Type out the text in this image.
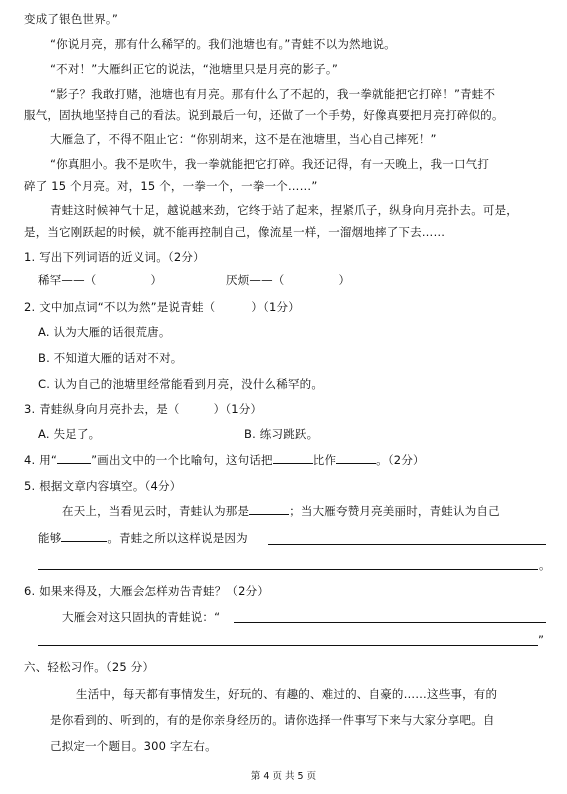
变成了银色世界。”
“你说月亮，那有什么稀罕的。我们池塘也有。”青蛙不以为然地说。
“不对！”大雁纠正它的说法，“池塘里只是月亮的影子。”
“影子？我敢打赌，池塘也有月亮。那有什么了不起的，我一拳就能把它打碎！”青蛙不
服气，固执地坚持自己的看法。说到最后一句，还做了一个手势，好像真要把月亮打碎似的。
大雁急了，不得不阻止它：“你别胡来，这不是在池塘里，当心自己摔死！”
“你真胆小。我不是吹牛，我一拳就能把它打碎。我还记得，有一天晚上，我一口气打
碎了 15 个月亮。对，15 个，一拳一个，一拳一个……”
青蛙这时候神气十足，越说越来劲，它终于站了起来，捏紧爪子，纵身向月亮扑去。可是，
是，当它刚跃起的时候，就不能再控制自己，像流星一样，一溜烟地摔了下去……
1. 写出下列词语的近义词。（2分）
稀罕——（	）	厌烦——（	）
2. 文中加点词“不以为然”是说青蛙（	）（1分）
A. 认为大雁的话很荒唐。
B. 不知道大雁的话对不对。
C. 认为自己的池塘里经常能看到月亮，没什么稀罕的。
3. 青蛙纵身向月亮扑去，是（	）（1分）
A. 失足了。	B. 练习跳跃。
4. 用“	”画出文中的一个比喻句，这句话把	比作	。（2分）
5. 根据文章内容填空。（4分）
在天上，当看见云时，青蛙认为那是	；当大雁夸赞月亮美丽时，青蛙认为自己
能够	。青蛙之所以这样说是因为
。
6. 如果来得及，大雁会怎样劝告青蛙？（2分）
大雁会对这只固执的青蛙说：“
”
六、轻松习作。（25 分）
生活中，每天都有事情发生，好玩的、有趣的、难过的、自豪的……这些事，有的
是你看到的、听到的，有的是你亲身经历的。请你选择一件事写下来与大家分享吧。自
己拟定一个题目。300 字左右。
第 4 页 共 5 页
